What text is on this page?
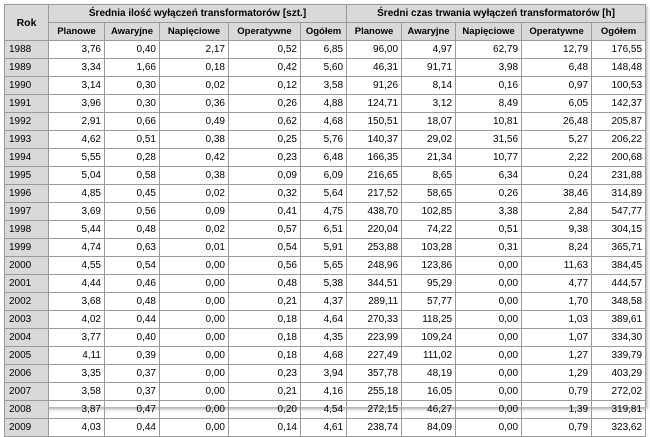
Rok	Średnia ilość wyłączeń transformatorów [szt.]					Średni czas trwania wyłączeń transformatorów [h]				
	Planowe	Awaryjne	Napięciowe	Operatywne	Ogółem	Planowe	Awaryjne	Napięciowe	Operatywne	Ogółem
1988	3,76	0,40	2,17	0,52	6,85	96,00	4,97	62,79	12,79	176,55
1989	3,34	1,66	0,18	0,42	5,60	46,31	91,71	3,98	6,48	148,48
1990	3,14	0,30	0,02	0,12	3,58	91,26	8,14	0,16	0,97	100,53
1991	3,96	0,30	0,36	0,26	4,88	124,71	3,12	8,49	6,05	142,37
1992	2,91	0,66	0,49	0,62	4,68	150,51	18,07	10,81	26,48	205,87
1993	4,62	0,51	0,38	0,25	5,76	140,37	29,02	31,56	5,27	206,22
1994	5,55	0,28	0,42	0,23	6,48	166,35	21,34	10,77	2,22	200,68
1995	5,04	0,58	0,38	0,09	6,09	216,65	8,65	6,34	0,24	231,88
1996	4,85	0,45	0,02	0,32	5,64	217,52	58,65	0,26	38,46	314,89
1997	3,69	0,56	0,09	0,41	4,75	438,70	102,85	3,38	2,84	547,77
1998	5,44	0,48	0,02	0,57	6,51	220,04	74,22	0,51	9,38	304,15
1999	4,74	0,63	0,01	0,54	5,91	253,88	103,28	0,31	8,24	365,71
2000	4,55	0,54	0,00	0,56	5,65	248,96	123,86	0,00	11,63	384,45
2001	4,44	0,46	0,00	0,48	5,38	344,51	95,29	0,00	4,77	444,57
2002	3,68	0,48	0,00	0,21	4,37	289,11	57,77	0,00	1,70	348,58
2003	4,02	0,44	0,00	0,18	4,64	270,33	118,25	0,00	1,03	389,61
2004	3,77	0,40	0,00	0,18	4,35	223,99	109,24	0,00	1,07	334,30
2005	4,11	0,39	0,00	0,18	4,68	227,49	111,02	0,00	1,27	339,79
2006	3,35	0,37	0,00	0,23	3,94	357,78	48,19	0,00	1,29	403,29
2007	3,58	0,37	0,00	0,21	4,16	255,18	16,05	0,00	0,79	272,02
2008	3,87	0,47	0,00	0,20	4,54	272,15	46,27	0,00	1,39	319,81
2009	4,03	0,44	0,00	0,14	4,61	238,74	84,09	0,00	0,79	323,62
